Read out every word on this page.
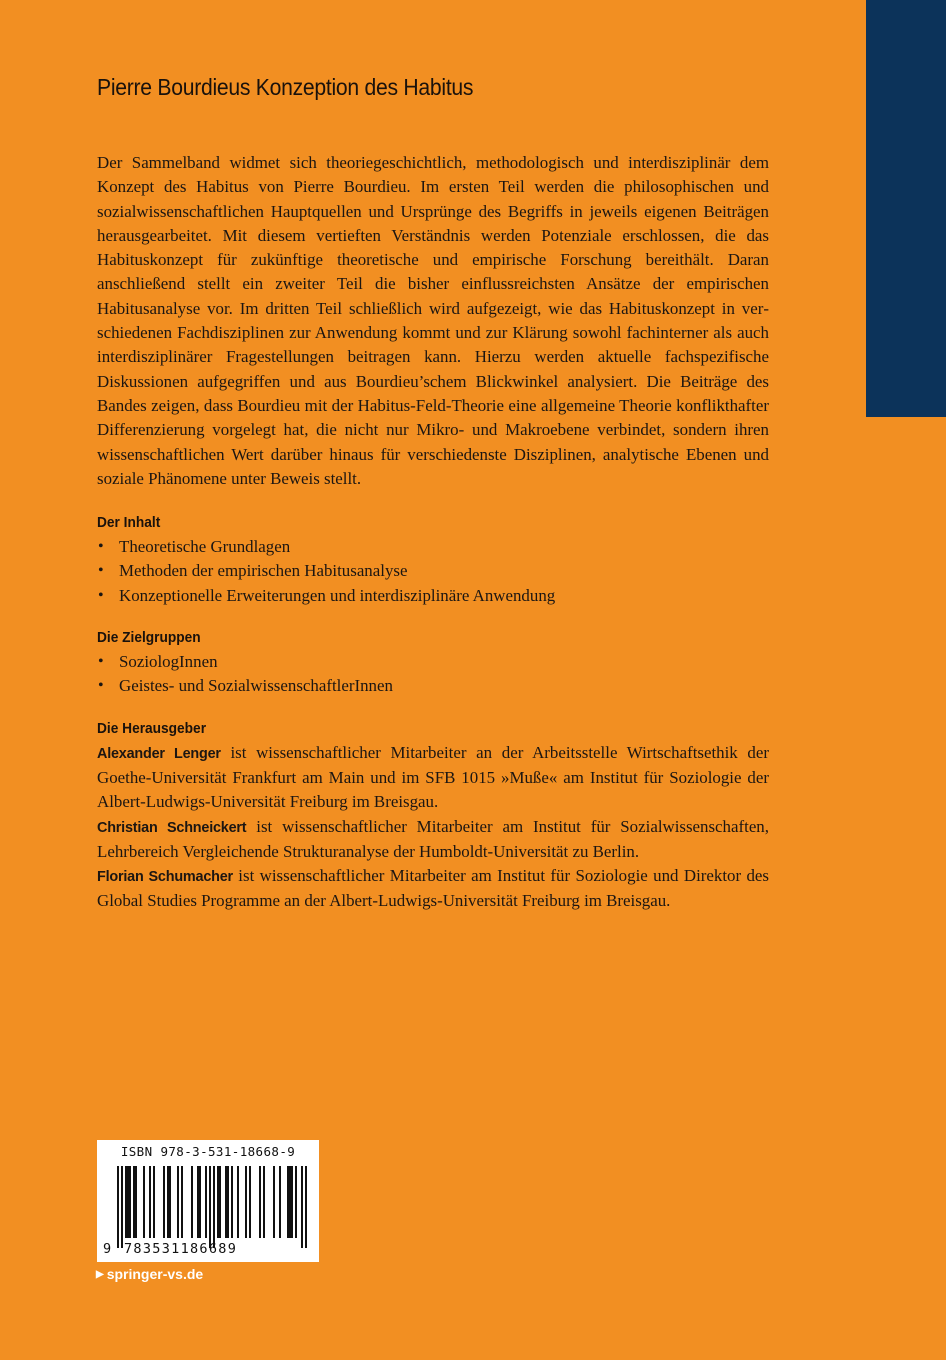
Pierre Bourdieus Konzeption des Habitus

Der Sammelband widmet sich theoriegeschichtlich, methodologisch und interdisziplinär dem Konzept des Habitus von Pierre Bourdieu. Im ersten Teil werden die philosophischen und sozialwissenschaftlichen Hauptquellen und Ursprünge des Begriffs in jeweils eigenen Beiträgen herausgearbeitet. Mit diesem vertieften Verständnis werden Potenziale erschlossen, die das Habituskonzept für zukünftige theoretische und empirische Forschung bereithält. Daran anschließend stellt ein zweiter Teil die bisher einflussreichsten Ansätze der empirischen Habitusanalyse vor. Im dritten Teil schließlich wird aufgezeigt, wie das Habituskonzept in verschiedenen Fachdisziplinen zur Anwendung kommt und zur Klärung sowohl fachinterner als auch interdisziplinärer Fragestellungen beitragen kann. Hierzu werden aktuelle fachspezifische Diskussionen aufgegriffen und aus Bourdieu’schem Blickwinkel analysiert. Die Beiträge des Bandes zeigen, dass Bourdieu mit der Habitus-Feld-Theorie eine allgemeine Theorie konflikthafter Differenzierung vorgelegt hat, die nicht nur Mikro- und Makroebene verbindet, sondern ihren wissenschaftlichen Wert darüber hinaus für verschiedenste Disziplinen, analytische Ebenen und soziale Phänomene unter Beweis stellt.

Der Inhalt
• Theoretische Grundlagen
• Methoden der empirischen Habitusanalyse
• Konzeptionelle Erweiterungen und interdisziplinäre Anwendung
Die Zielgruppen
• SoziologInnen
• Geistes- und SozialwissenschaftlerInnen
Die Herausgeber

Alexander Lenger ist wissenschaftlicher Mitarbeiter an der Arbeitsstelle Wirtschaftsethik der Goethe-Universität Frankfurt am Main und im SFB 1015 »Muße« am Institut für Soziologie der Albert-Ludwigs-Universität Freiburg im Breisgau.

Christian Schneickert ist wissenschaftlicher Mitarbeiter am Institut für Sozialwissenschaften, Lehrbereich Vergleichende Strukturanalyse der Humboldt-Universität zu Berlin.

Florian Schumacher ist wissenschaftlicher Mitarbeiter am Institut für Soziologie und Direktor des Global Studies Programme an der Albert-Ludwigs-Universität Freiburg im Breisgau.

ISBN 978-3-531-18668-9
9 783531186689
▶ springer-vs.de
